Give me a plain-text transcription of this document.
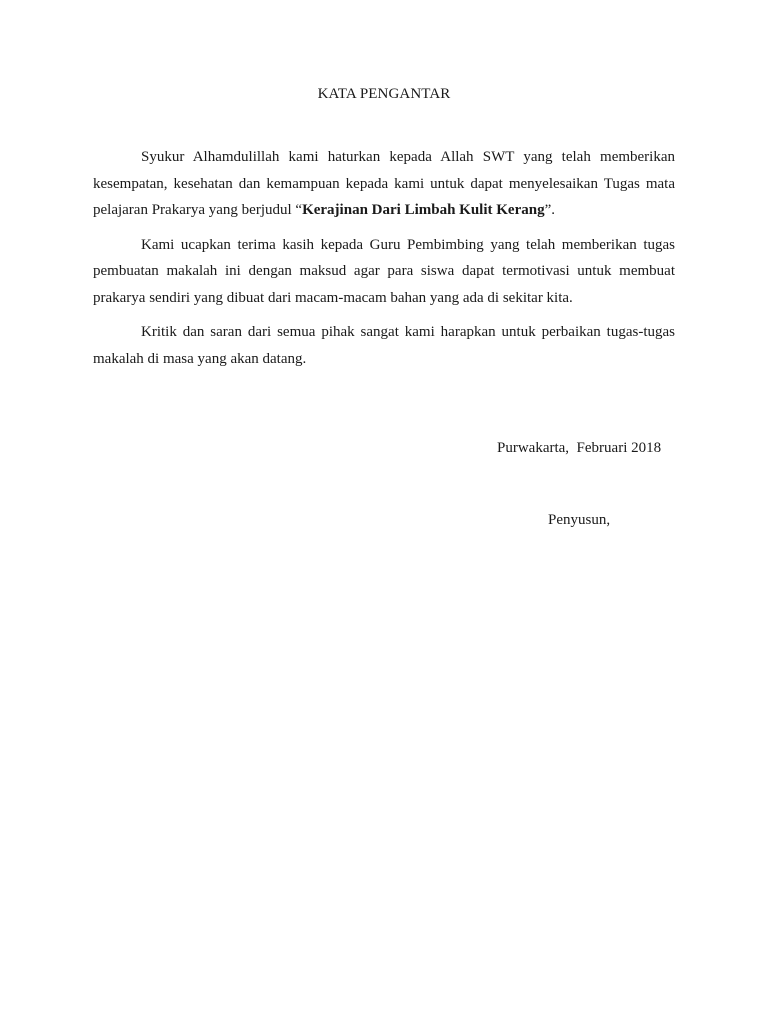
KATA PENGANTAR

Syukur Alhamdulillah kami haturkan kepada Allah SWT yang telah memberikan kesempatan, kesehatan dan kemampuan kepada kami untuk dapat menyelesaikan Tugas mata pelajaran Prakarya yang berjudul “Kerajinan Dari Limbah Kulit Kerang”.

Kami ucapkan terima kasih kepada Guru Pembimbing yang telah memberikan tugas pembuatan makalah ini dengan maksud agar para siswa dapat termotivasi untuk membuat prakarya sendiri yang dibuat dari macam-macam bahan yang ada di sekitar kita.

Kritik dan saran dari semua pihak sangat kami harapkan untuk perbaikan tugas-tugas makalah di masa yang akan datang.

Purwakarta,  Februari 2018
Penyusun,
